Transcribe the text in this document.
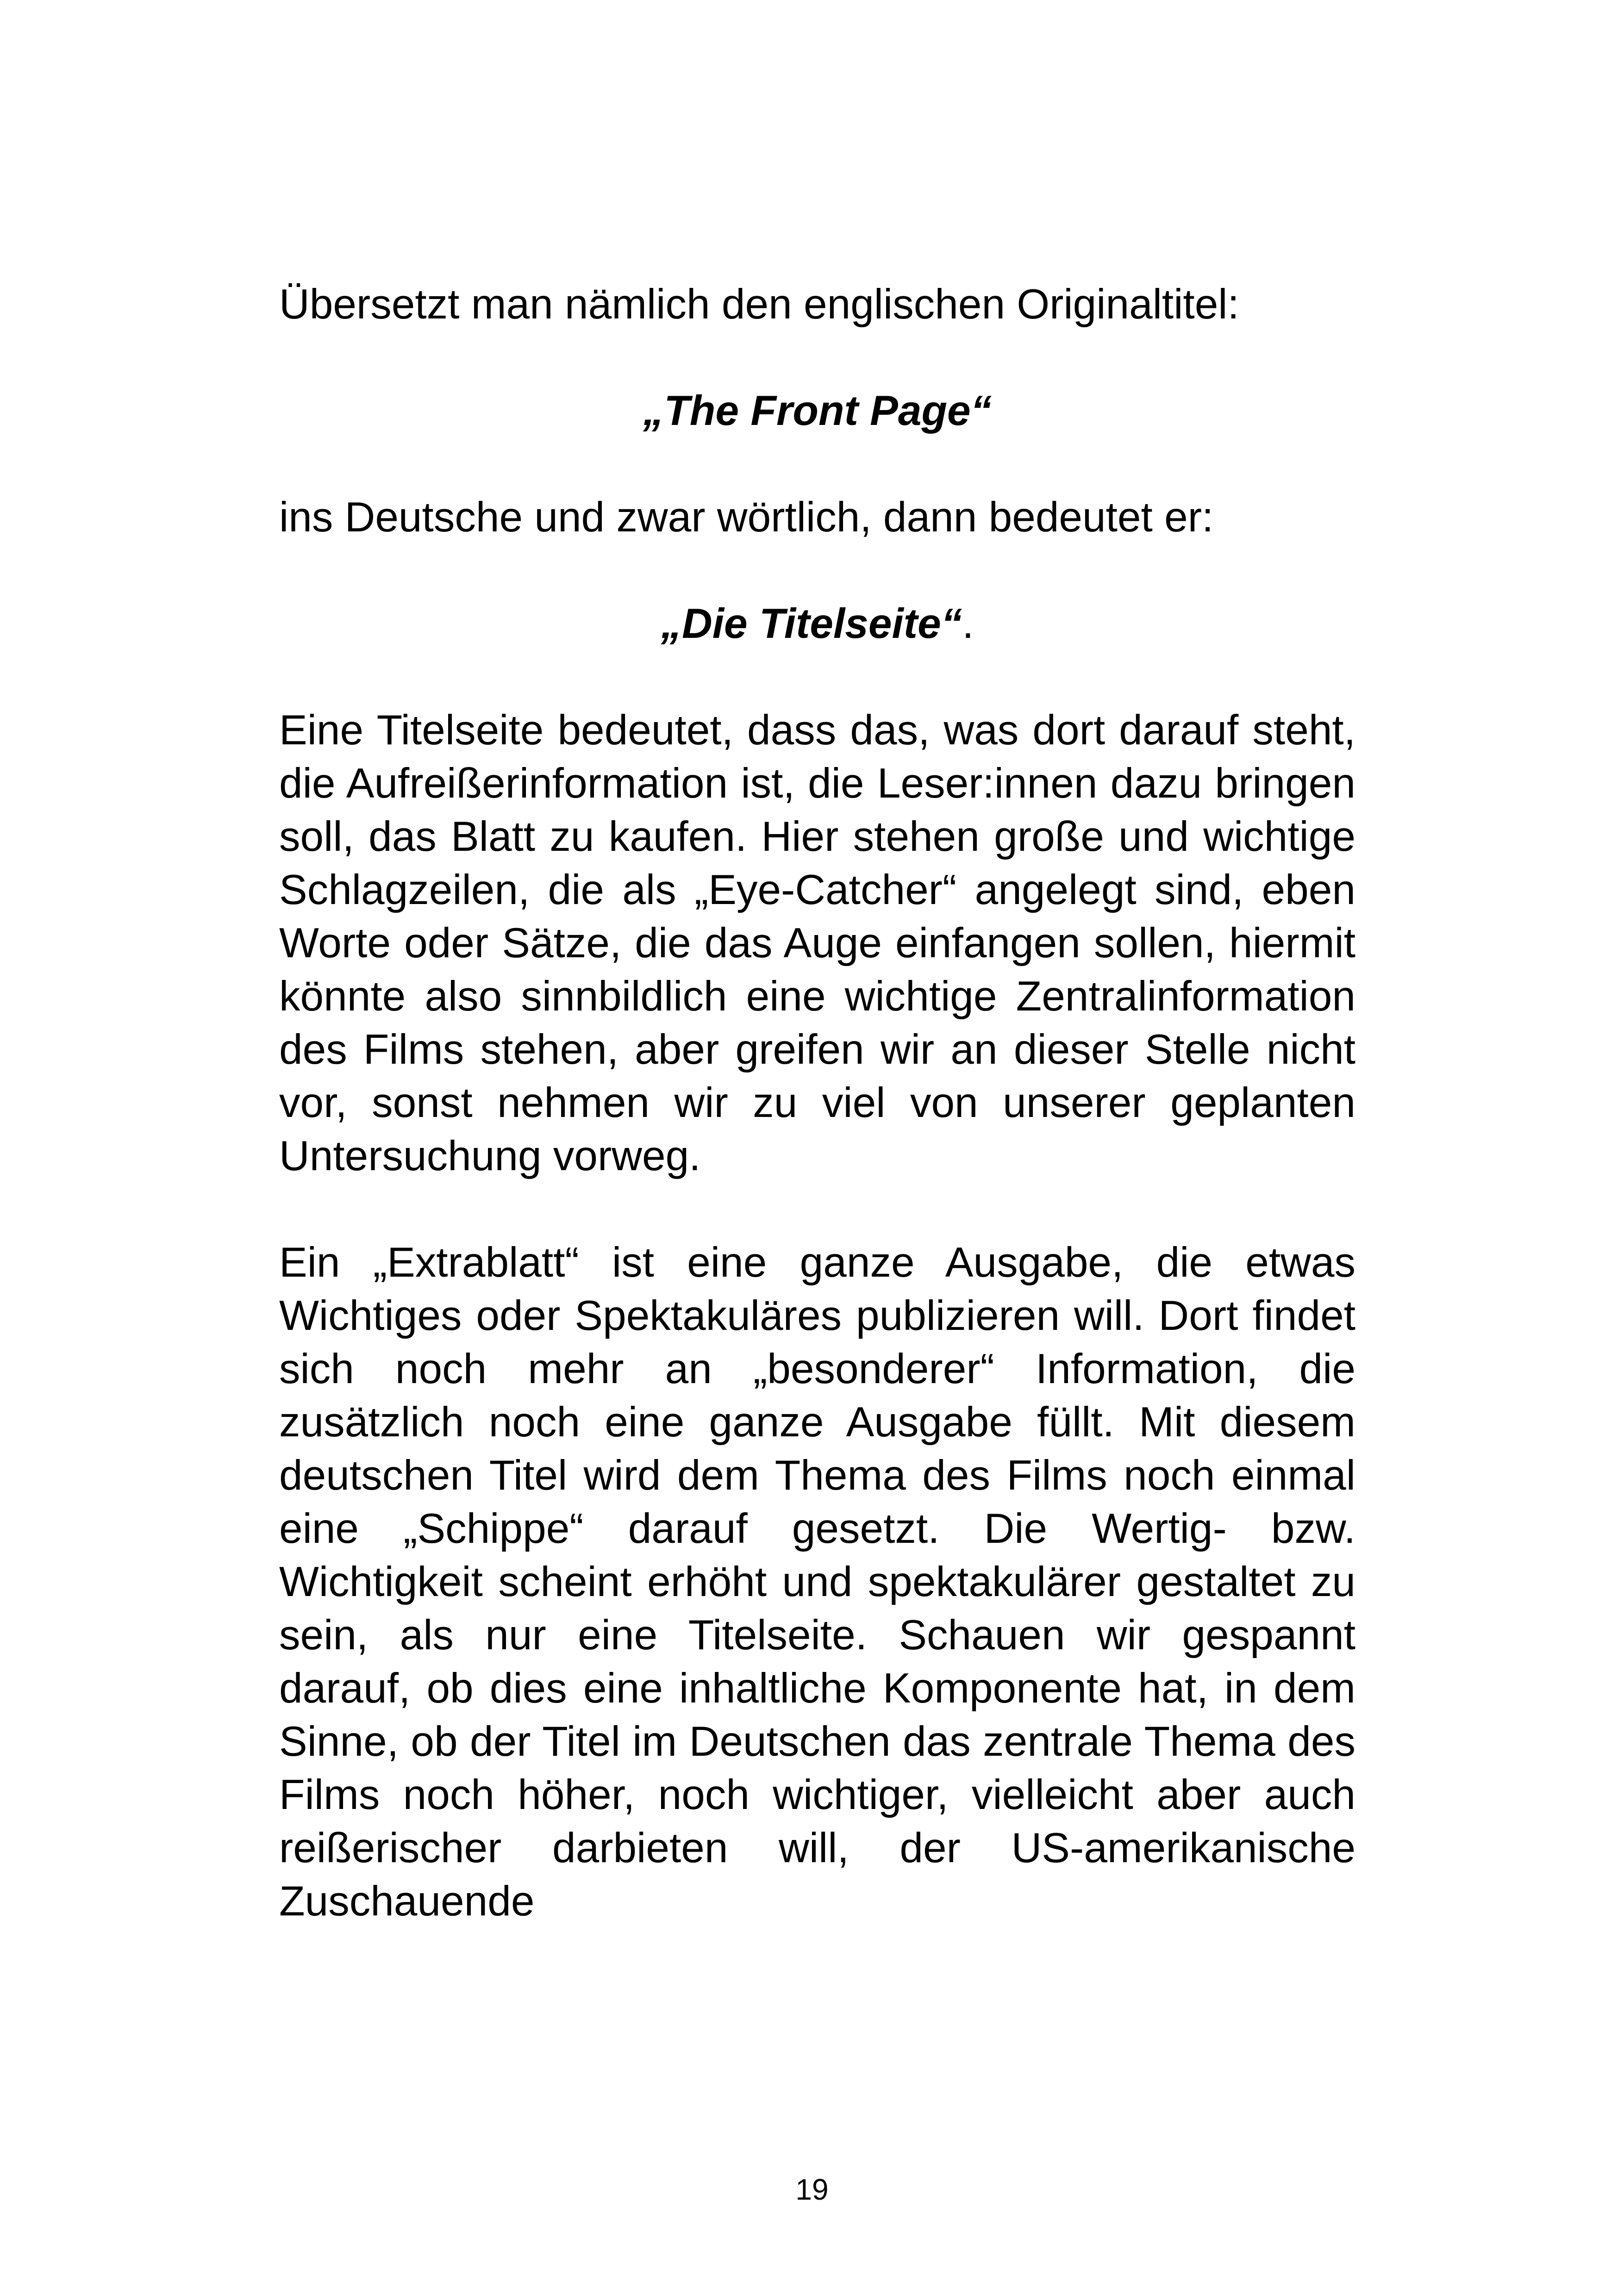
Übersetzt man nämlich den englischen Originaltitel:

„The Front Page“

ins Deutsche und zwar wörtlich, dann bedeutet er:

„Die Titelseite“.

Eine Titelseite bedeutet, dass das, was dort darauf steht, die Aufreißerinformation ist, die Leser:innen dazu bringen soll, das Blatt zu kaufen. Hier stehen große und wichtige Schlagzeilen, die als „Eye-Catcher“ angelegt sind, eben Worte oder Sätze, die das Auge einfangen sollen, hiermit könnte also sinnbildlich eine wichtige Zentralinformation des Films stehen, aber greifen wir an dieser Stelle nicht vor, sonst nehmen wir zu viel von unserer geplanten Untersuchung vorweg.

Ein „Extrablatt“ ist eine ganze Ausgabe, die etwas Wichtiges oder Spektakuläres publizieren will. Dort findet sich noch mehr an „besonderer“ Information, die zusätzlich noch eine ganze Ausgabe füllt. Mit diesem deutschen Titel wird dem Thema des Films noch einmal eine „Schippe“ darauf gesetzt. Die Wertig- bzw. Wichtigkeit scheint erhöht und spektakulärer gestaltet zu sein, als nur eine Titelseite. Schauen wir gespannt darauf, ob dies eine inhaltliche Komponente hat, in dem Sinne, ob der Titel im Deutschen das zentrale Thema des Films noch höher, noch wichtiger, vielleicht aber auch reißerischer darbieten will, der US-amerikanische Zuschauende

19
